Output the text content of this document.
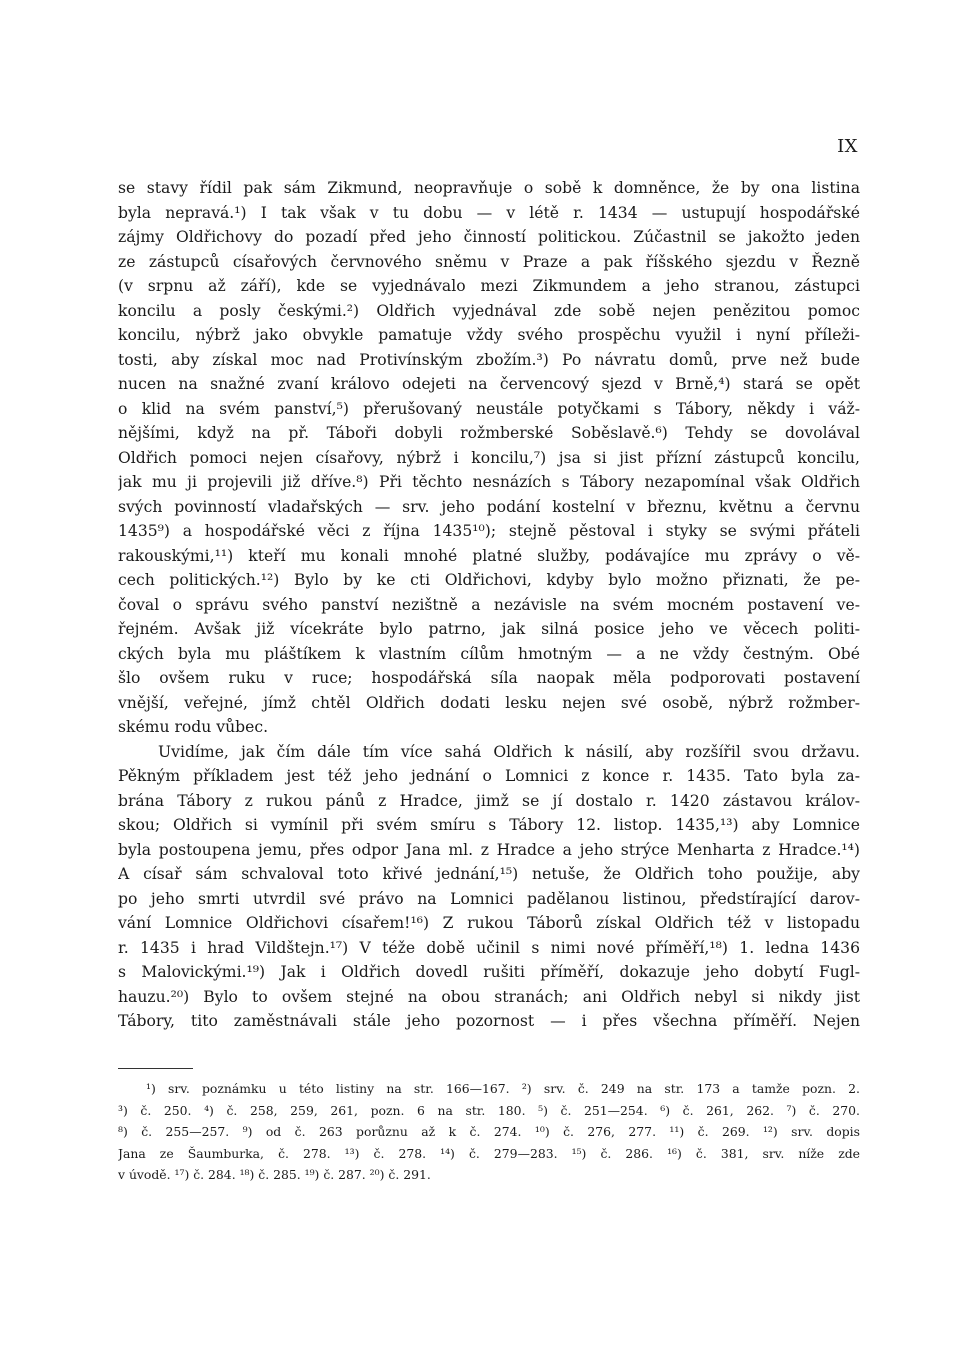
IX
se stavy řídil pak sám Zikmund, neopravňuje o sobě k domněnce, že by ona listina
byla nepravá.¹) I tak však v tu dobu — v létě r. 1434 — ustupují hospodářské
zájmy Oldřichovy do pozadí před jeho činností politickou. Zúčastnil se jakožto jeden
ze zástupců císařových červnového sněmu v Praze a pak říšského sjezdu v Řezně
(v srpnu až září), kde se vyjednávalo mezi Zikmundem a jeho stranou, zástupci
koncilu a posly českými.²) Oldřich vyjednával zde sobě nejen penězitou pomoc
koncilu, nýbrž jako obvykle pamatuje vždy svého prospěchu využil i nyní příleži-
tosti, aby získal moc nad Protivínským zbožím.³) Po návratu domů, prve než bude
nucen na snažné zvaní královo odejeti na červencový sjezd v Brně,⁴) stará se opět
o klid na svém panství,⁵) přerušovaný neustále potyčkami s Tábory, někdy i váž-
nějšími, když na př. Táboři dobyli rožmberské Soběslavě.⁶) Tehdy se dovolával
Oldřich pomoci nejen císařovy, nýbrž i koncilu,⁷) jsa si jist přízní zástupců koncilu,
jak mu ji projevili již dříve.⁸) Při těchto nesnázích s Tábory nezapomínal však Oldřich
svých povinností vladařských — srv. jeho podání kostelní v březnu, květnu a červnu
1435⁹) a hospodářské věci z října 1435¹⁰); stejně pěstoval i styky se svými přáteli
rakouskými,¹¹) kteří mu konali mnohé platné služby, podávajíce mu zprávy o vě-
cech politických.¹²) Bylo by ke cti Oldřichovi, kdyby bylo možno přiznati, že pe-
čoval o správu svého panství nezištně a nezávisle na svém mocném postavení ve-
řejném. Avšak již vícekráte bylo patrno, jak silná posice jeho ve věcech politi-
ckých byla mu pláštíkem k vlastním cílům hmotným — a ne vždy čestným. Obé
šlo ovšem ruku v ruce; hospodářská síla naopak měla podporovati postavení
vnější, veřejné, jímž chtěl Oldřich dodati lesku nejen své osobě, nýbrž rožmber-
skému rodu vůbec.
Uvidíme, jak čím dále tím více sahá Oldřich k násilí, aby rozšířil svou državu.
Pěkným příkladem jest též jeho jednání o Lomnici z konce r. 1435. Tato byla za-
brána Tábory z rukou pánů z Hradce, jimž se jí dostalo r. 1420 zástavou králov-
skou; Oldřich si vymínil při svém smíru s Tábory 12. listop. 1435,¹³) aby Lomnice
byla postoupena jemu, přes odpor Jana ml. z Hradce a jeho strýce Menharta z Hradce.¹⁴)
A císař sám schvaloval toto křivé jednání,¹⁵) netuše, že Oldřich toho použije, aby
po jeho smrti utvrdil své právo na Lomnici padělanou listinou, předstírající darov-
vání Lomnice Oldřichovi císařem!¹⁶) Z rukou Táborů získal Oldřich též v listopadu
r. 1435 i hrad Vildštejn.¹⁷) V téže době učinil s nimi nové příměří,¹⁸) 1. ledna 1436
s Malovickými.¹⁹) Jak i Oldřich dovedl rušiti příměří, dokazuje jeho dobytí Fugl-
hauzu.²⁰) Bylo to ovšem stejné na obou stranách; ani Oldřich nebyl si nikdy jist
Tábory, tito zaměstnávali stále jeho pozornost — i přes všechna příměří. Nejen
¹) srv. poznámku u této listiny na str. 166—167. ²) srv. č. 249 na str. 173 a tamže pozn. 2.
³) č. 250. ⁴) č. 258, 259, 261, pozn. 6 na str. 180. ⁵) č. 251—254. ⁶) č. 261, 262. ⁷) č. 270.
⁸) č. 255—257. ⁹) od č. 263 porůznu až k č. 274. ¹⁰) č. 276, 277. ¹¹) č. 269. ¹²) srv. dopis
Jana ze Šaumburka, č. 278. ¹³) č. 278. ¹⁴) č. 279—283. ¹⁵) č. 286. ¹⁶) č. 381, srv. níže zde
v úvodě. ¹⁷) č. 284. ¹⁸) č. 285. ¹⁹) č. 287. ²⁰) č. 291.
